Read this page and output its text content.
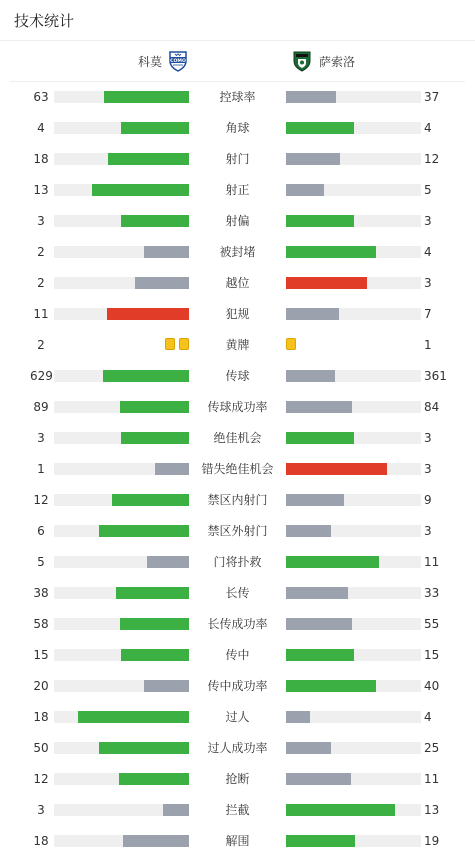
技术统计
科莫 COMO	萨索洛
63	控球率	37
4	角球	4
18	射门	12
13	射正	5
3	射偏	3
2	被封堵	4
2	越位	3
11	犯规	7
2	黄牌	1
629	传球	361
89	传球成功率	84
3	绝佳机会	3
1	错失绝佳机会	3
12	禁区内射门	9
6	禁区外射门	3
5	门将扑救	11
38	长传	33
58	长传成功率	55
15	传中	15
20	传中成功率	40
18	过人	4
50	过人成功率	25
12	抢断	11
3	拦截	13
18	解围	19
